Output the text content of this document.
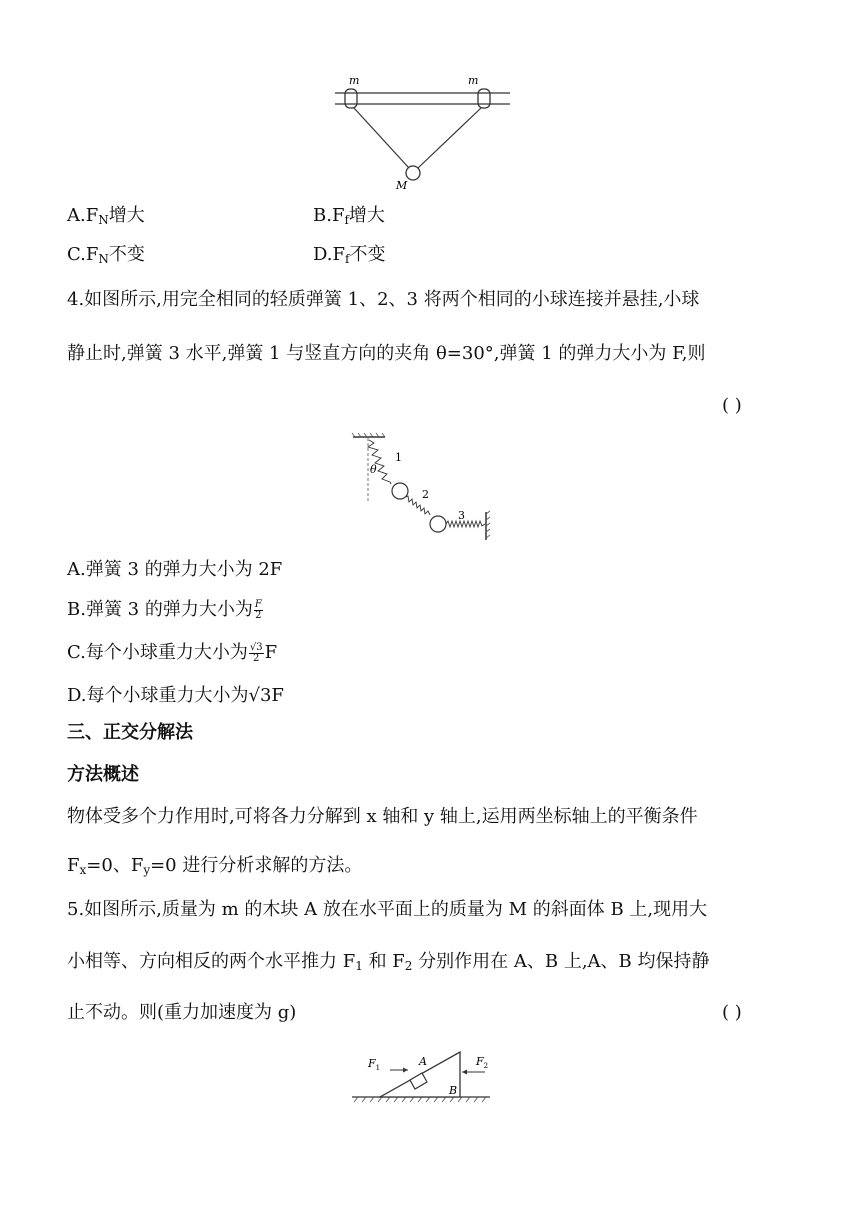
m	m
M
$A.F_N$增大	$B.F_f$增大
$C.F_N$不变	$D.F_f$不变
4.如图所示,用完全相同的轻质弹簧 1、2、3 将两个相同的小球连接并悬挂,小球
静止时,弹簧 3 水平,弹簧 1 与竖直方向的夹角 θ=30°,弹簧 1 的弹力大小为 F,则
( )
θ
1
2
3
A.弹簧 3 的弹力大小为 2F
B.弹簧 3 的弹力大小为 $\frac{F}{2}$
C.每个小球重力大小为 $\frac{√3}{2}$ F
D.每个小球重力大小为√3F
三、正交分解法
方法概述
物体受多个力作用时,可将各力分解到 x 轴和 y 轴上,运用两坐标轴上的平衡条件
$F_x=0$、$F_y=0$ 进行分析求解的方法。
5.如图所示,质量为 m 的木块 A 放在水平面上的质量为 M 的斜面体 B 上,现用大
小相等、方向相反的两个水平推力 $F_1$ 和 $F_2$ 分别作用在 A、B 上,A、B 均保持静
止不动。则(重力加速度为 g)	( )
$F_1$	$F_2$
A
B
